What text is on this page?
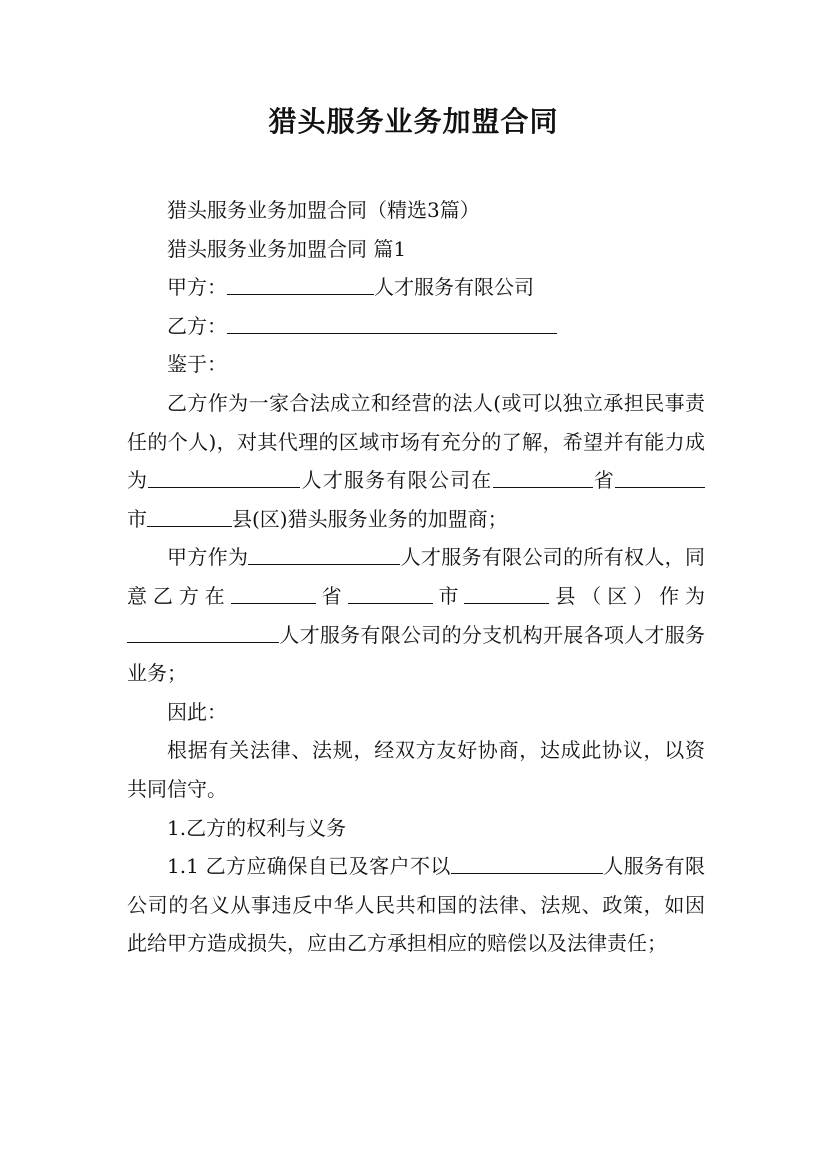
猎头服务业务加盟合同

猎头服务业务加盟合同（精选3篇）

猎头服务业务加盟合同 篇1

甲方：	人才服务有限公司

乙方：

鉴于：

乙方作为一家合法成立和经营的法人(或可以独立承担民事责任的个人)，对其代理的区域市场有充分的了解，希望并有能力成为	人才服务有限公司在	省市	县(区)猎头服务业务的加盟商；

甲方作为	人才服务有限公司的所有权人，同意乙方在	省	市	县（区）作为人才服务有限公司的分支机构开展各项人才服务业务；

因此：

根据有关法律、法规，经双方友好协商，达成此协议，以资共同信守。

1.乙方的权利与义务

1.1 乙方应确保自已及客户不以	人服务有限公司的名义从事违反中华人民共和国的法律、法规、政策，如因此给甲方造成损失，应由乙方承担相应的赔偿以及法律责任；
